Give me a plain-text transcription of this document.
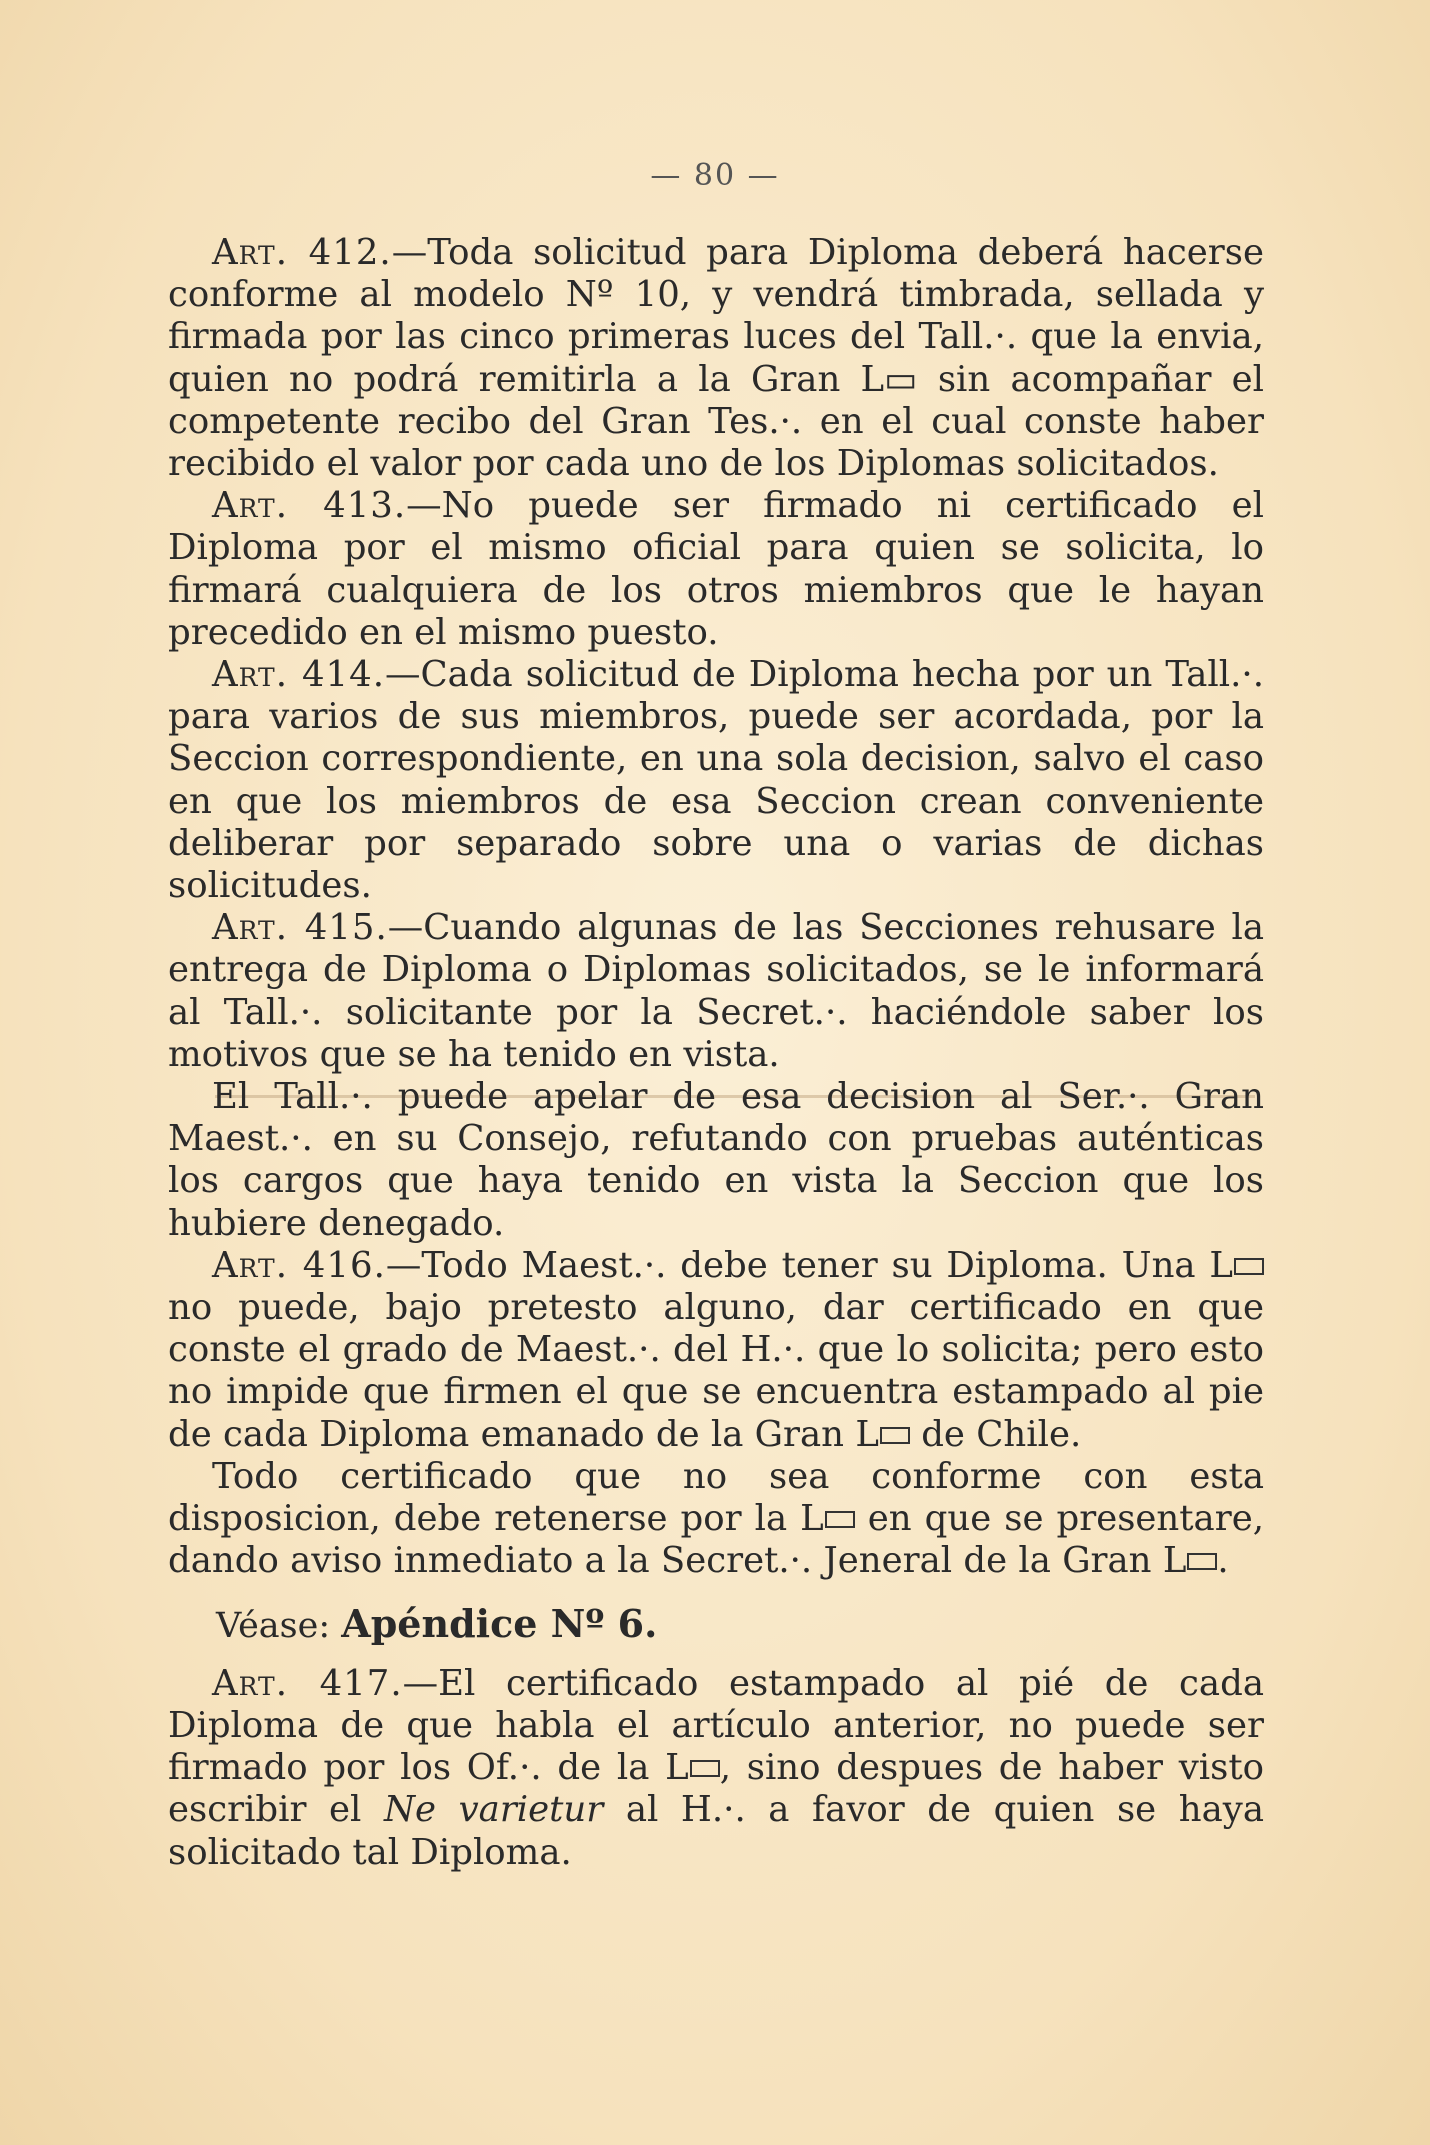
— 80 —

Art. 412.—Toda solicitud para Diploma deberá hacerse conforme al modelo Nº 10, y vendrá timbrada, sellada y firmada por las cinco primeras luces del Tall.·. que la envia, quien no podrá remitirla a la Gran L▭ sin acompañar el competente recibo del Gran Tes.·. en el cual conste haber recibido el valor por cada uno de los Diplomas solicitados.

Art. 413.—No puede ser firmado ni certificado el Diploma por el mismo oficial para quien se solicita, lo firmará cualquiera de los otros miembros que le hayan precedido en el mismo puesto.

Art. 414.—Cada solicitud de Diploma hecha por un Tall.·. para varios de sus miembros, puede ser acordada, por la Seccion correspondiente, en una sola decision, salvo el caso en que los miembros de esa Seccion crean conveniente deliberar por separado sobre una o varias de dichas solicitudes.

Art. 415.—Cuando algunas de las Secciones rehusare la entrega de Diploma o Diplomas solicitados, se le informará al Tall.·. solicitante por la Secret.·. haciéndole saber los motivos que se ha tenido en vista.

El Tall.·. puede apelar de esa decision al Ser.·. Gran Maest.·. en su Consejo, refutando con pruebas auténticas los cargos que haya tenido en vista la Seccion que los hubiere denegado.

Art. 416.—Todo Maest.·. debe tener su Diploma. Una L no puede, bajo pretesto alguno, dar certificado en que conste el grado de Maest.·. del H.·. que lo solicita; pero esto no impide que firmen el que se encuentra estampado al pie de cada Diploma emanado de la Gran L de Chile.

Todo certificado que no sea conforme con esta disposicion, debe retenerse por la L en que se presentare, dando aviso inmediato a la Secret.·. Jeneral de la Gran L .

Véase: Apéndice Nº 6.

Art. 417.—El certificado estampado al pié de cada Diploma de que habla el artículo anterior, no puede ser firmado por los Of.·. de la L , sino despues de haber visto escribir el Ne varietur al H.·. a favor de quien se haya solicitado tal Diploma.
